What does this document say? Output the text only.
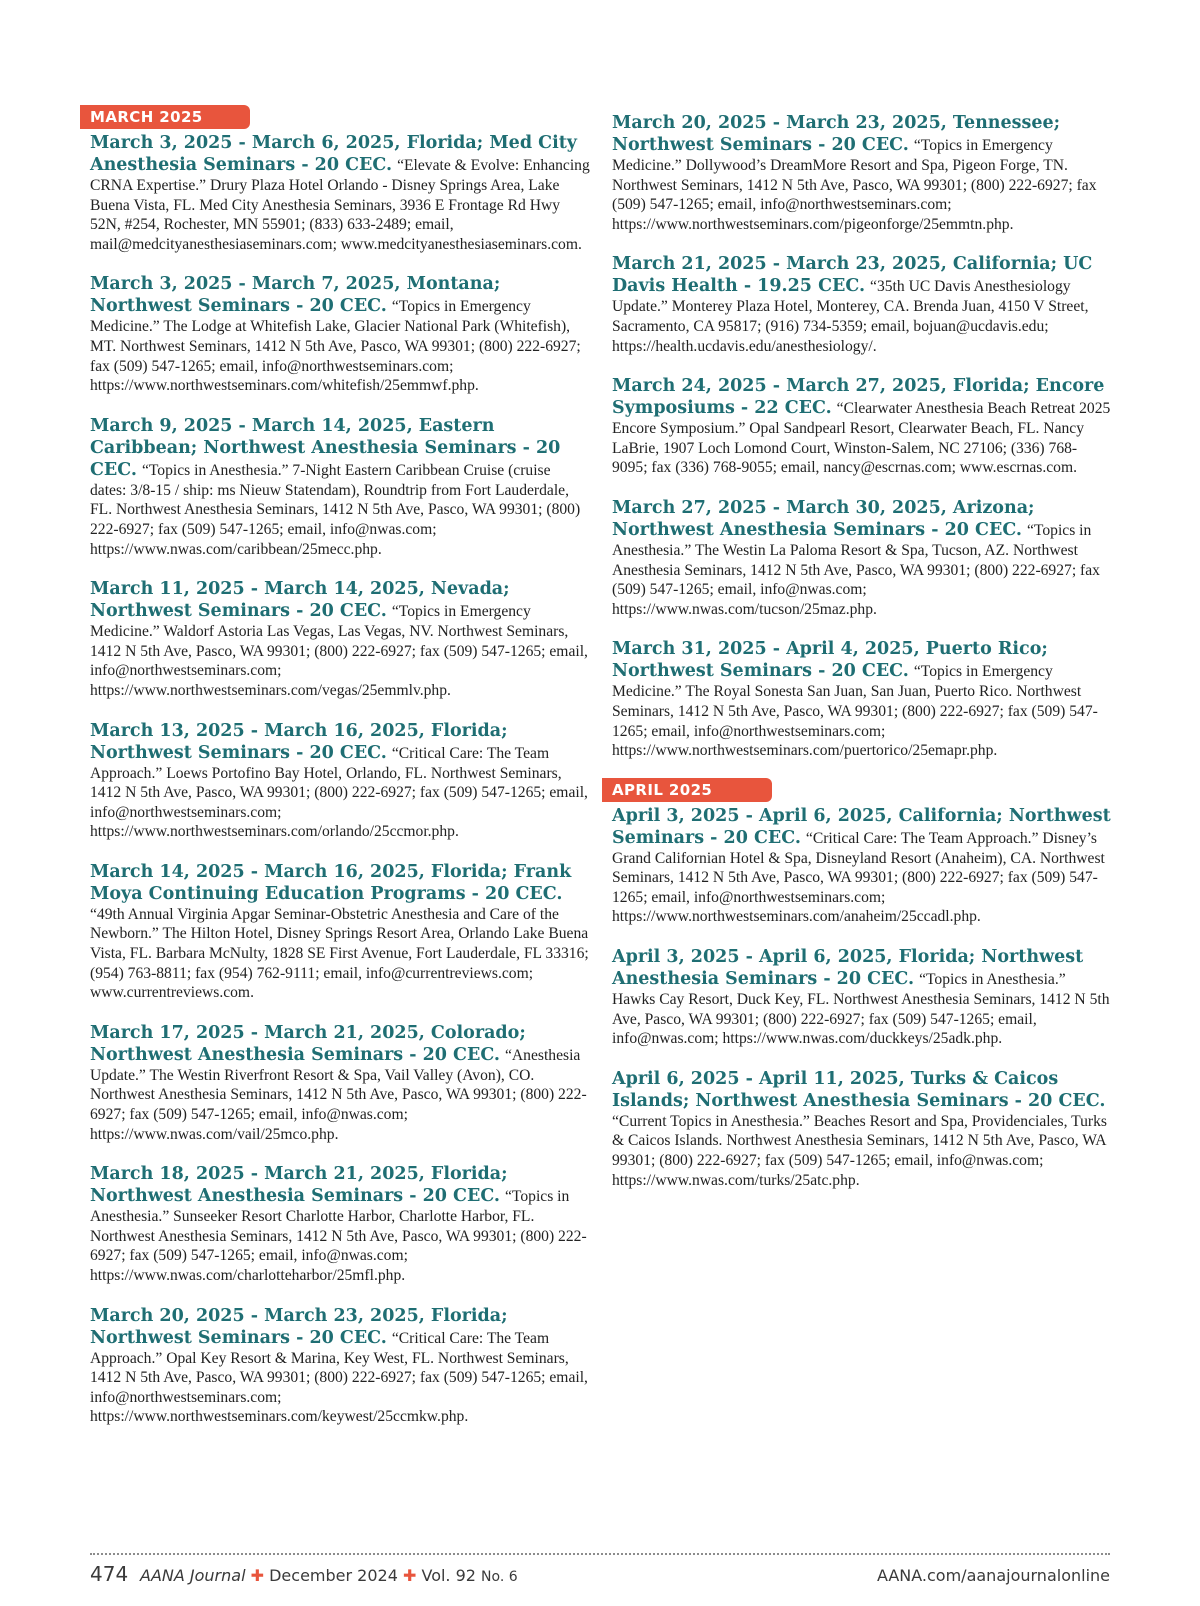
MARCH 2025
March 3, 2025 - March 6, 2025, Florida; Med City Anesthesia Seminars - 20 CEC. “Elevate & Evolve: Enhancing CRNA Expertise.” Drury Plaza Hotel Orlando - Disney Springs Area, Lake Buena Vista, FL. Med City Anesthesia Seminars, 3936 E Frontage Rd Hwy 52N, #254, Rochester, MN 55901; (833) 633-2489; email, mail@medcityanesthesiaseminars.com; www.medcityanesthesiaseminars.com.
March 3, 2025 - March 7, 2025, Montana; Northwest Seminars - 20 CEC. “Topics in Emergency Medicine.” The Lodge at Whitefish Lake, Glacier National Park (Whitefish), MT. Northwest Seminars, 1412 N 5th Ave, Pasco, WA 99301; (800) 222-6927; fax (509) 547-1265; email, info@northwestseminars.com; https://www.northwestseminars.com/whitefish/25emmwf.php.
March 9, 2025 - March 14, 2025, Eastern Caribbean; Northwest Anesthesia Seminars - 20 CEC. “Topics in Anesthesia.” 7-Night Eastern Caribbean Cruise (cruise dates: 3/8-15 / ship: ms Nieuw Statendam), Roundtrip from Fort Lauderdale, FL. Northwest Anesthesia Seminars, 1412 N 5th Ave, Pasco, WA 99301; (800) 222-6927; fax (509) 547-1265; email, info@nwas.com; https://www.nwas.com/caribbean/25mecc.php.
March 11, 2025 - March 14, 2025, Nevada; Northwest Seminars - 20 CEC. “Topics in Emergency Medicine.” Waldorf Astoria Las Vegas, Las Vegas, NV. Northwest Seminars, 1412 N 5th Ave, Pasco, WA 99301; (800) 222-6927; fax (509) 547-1265; email, info@northwestseminars.com; https://www.northwestseminars.com/vegas/25emmlv.php.
March 13, 2025 - March 16, 2025, Florida; Northwest Seminars - 20 CEC. “Critical Care: The Team Approach.” Loews Portofino Bay Hotel, Orlando, FL. Northwest Seminars, 1412 N 5th Ave, Pasco, WA 99301; (800) 222-6927; fax (509) 547-1265; email, info@northwestseminars.com; https://www.northwestseminars.com/orlando/25ccmor.php.
March 14, 2025 - March 16, 2025, Florida; Frank Moya Continuing Education Programs - 20 CEC. “49th Annual Virginia Apgar Seminar-Obstetric Anesthesia and Care of the Newborn.” The Hilton Hotel, Disney Springs Resort Area, Orlando Lake Buena Vista, FL. Barbara McNulty, 1828 SE First Avenue, Fort Lauderdale, FL 33316; (954) 763-8811; fax (954) 762-9111; email, info@currentreviews.com; www.currentreviews.com.
March 17, 2025 - March 21, 2025, Colorado; Northwest Anesthesia Seminars - 20 CEC. “Anesthesia Update.” The Westin Riverfront Resort & Spa, Vail Valley (Avon), CO. Northwest Anesthesia Seminars, 1412 N 5th Ave, Pasco, WA 99301; (800) 222-6927; fax (509) 547-1265; email, info@nwas.com; https://www.nwas.com/vail/25mco.php.
March 18, 2025 - March 21, 2025, Florida; Northwest Anesthesia Seminars - 20 CEC. “Topics in Anesthesia.” Sunseeker Resort Charlotte Harbor, Charlotte Harbor, FL. Northwest Anesthesia Seminars, 1412 N 5th Ave, Pasco, WA 99301; (800) 222-6927; fax (509) 547-1265; email, info@nwas.com; https://www.nwas.com/charlotteharbor/25mfl.php.
March 20, 2025 - March 23, 2025, Florida; Northwest Seminars - 20 CEC. “Critical Care: The Team Approach.” Opal Key Resort & Marina, Key West, FL. Northwest Seminars, 1412 N 5th Ave, Pasco, WA 99301; (800) 222-6927; fax (509) 547-1265; email, info@northwestseminars.com; https://www.northwestseminars.com/keywest/25ccmkw.php.
March 20, 2025 - March 23, 2025, Tennessee; Northwest Seminars - 20 CEC. “Topics in Emergency Medicine.” Dollywood’s DreamMore Resort and Spa, Pigeon Forge, TN. Northwest Seminars, 1412 N 5th Ave, Pasco, WA 99301; (800) 222-6927; fax (509) 547-1265; email, info@northwestseminars.com; https://www.northwestseminars.com/pigeonforge/25emmtn.php.
March 21, 2025 - March 23, 2025, California; UC Davis Health - 19.25 CEC. “35th UC Davis Anesthesiology Update.” Monterey Plaza Hotel, Monterey, CA. Brenda Juan, 4150 V Street, Sacramento, CA 95817; (916) 734-5359; email, bojuan@ucdavis.edu; https://health.ucdavis.edu/anesthesiology/.
March 24, 2025 - March 27, 2025, Florida; Encore Symposiums - 22 CEC. “Clearwater Anesthesia Beach Retreat 2025 Encore Symposium.” Opal Sandpearl Resort, Clearwater Beach, FL. Nancy LaBrie, 1907 Loch Lomond Court, Winston-Salem, NC 27106; (336) 768-9095; fax (336) 768-9055; email, nancy@escrnas.com; www.escrnas.com.
March 27, 2025 - March 30, 2025, Arizona; Northwest Anesthesia Seminars - 20 CEC. “Topics in Anesthesia.” The Westin La Paloma Resort & Spa, Tucson, AZ. Northwest Anesthesia Seminars, 1412 N 5th Ave, Pasco, WA 99301; (800) 222-6927; fax (509) 547-1265; email, info@nwas.com; https://www.nwas.com/tucson/25maz.php.
March 31, 2025 - April 4, 2025, Puerto Rico; Northwest Seminars - 20 CEC. “Topics in Emergency Medicine.” The Royal Sonesta San Juan, San Juan, Puerto Rico. Northwest Seminars, 1412 N 5th Ave, Pasco, WA 99301; (800) 222-6927; fax (509) 547-1265; email, info@northwestseminars.com; https://www.northwestseminars.com/puertorico/25emapr.php.
APRIL 2025
April 3, 2025 - April 6, 2025, California; Northwest Seminars - 20 CEC. “Critical Care: The Team Approach.” Disney’s Grand Californian Hotel & Spa, Disneyland Resort (Anaheim), CA. Northwest Seminars, 1412 N 5th Ave, Pasco, WA 99301; (800) 222-6927; fax (509) 547-1265; email, info@northwestseminars.com; https://www.northwestseminars.com/anaheim/25ccadl.php.
April 3, 2025 - April 6, 2025, Florida; Northwest Anesthesia Seminars - 20 CEC. “Topics in Anesthesia.” Hawks Cay Resort, Duck Key, FL. Northwest Anesthesia Seminars, 1412 N 5th Ave, Pasco, WA 99301; (800) 222-6927; fax (509) 547-1265; email, info@nwas.com; https://www.nwas.com/duckkeys/25adk.php.
April 6, 2025 - April 11, 2025, Turks & Caicos Islands; Northwest Anesthesia Seminars - 20 CEC. “Current Topics in Anesthesia.” Beaches Resort and Spa, Providenciales, Turks & Caicos Islands. Northwest Anesthesia Seminars, 1412 N 5th Ave, Pasco, WA 99301; (800) 222-6927; fax (509) 547-1265; email, info@nwas.com; https://www.nwas.com/turks/25atc.php.
474 AANA Journal ✚ December 2024 ✚ Vol. 92 No. 6	AANA.com/aanajournalonline
